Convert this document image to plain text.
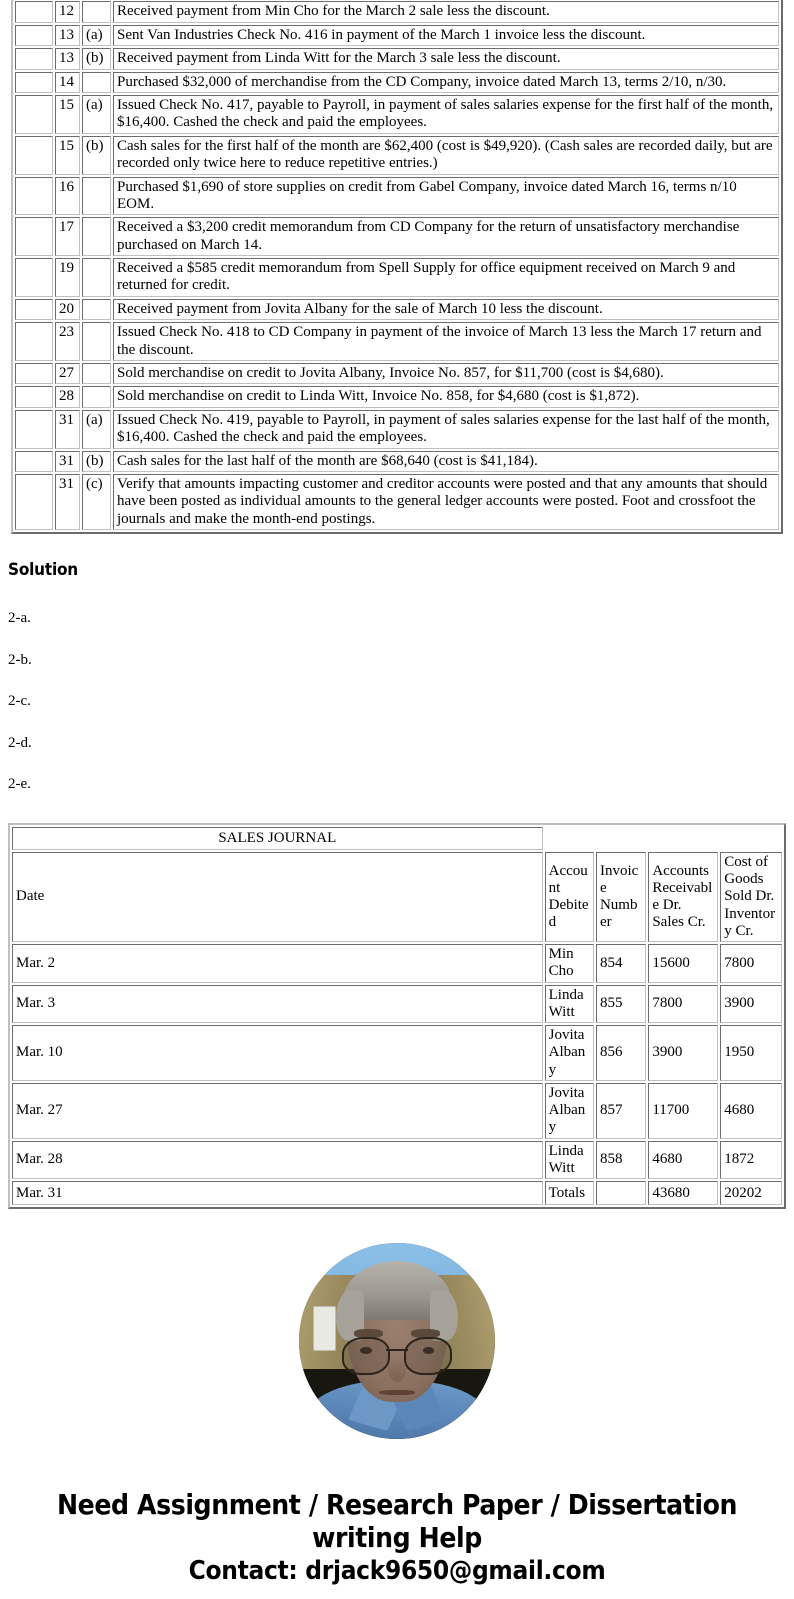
	12		Received payment from Min Cho for the March 2 sale less the discount.
	13	(a)	Sent Van Industries Check No. 416 in payment of the March 1 invoice less the discount.
	13	(b)	Received payment from Linda Witt for the March 3 sale less the discount.
	14		Purchased $32,000 of merchandise from the CD Company, invoice dated March 13, terms 2/10, n/30.
	15	(a)	Issued Check No. 417, payable to Payroll, in payment of sales salaries expense for the first half of the month, $16,400. Cashed the check and paid the employees.
	15	(b)	Cash sales for the first half of the month are $62,400 (cost is $49,920). (Cash sales are recorded daily, but are recorded only twice here to reduce repetitive entries.)
	16		Purchased $1,690 of store supplies on credit from Gabel Company, invoice dated March 16, terms n/10 EOM.
	17		Received a $3,200 credit memorandum from CD Company for the return of unsatisfactory merchandise purchased on March 14.
	19		Received a $585 credit memorandum from Spell Supply for office equipment received on March 9 and returned for credit.
	20		Received payment from Jovita Albany for the sale of March 10 less the discount.
	23		Issued Check No. 418 to CD Company in payment of the invoice of March 13 less the March 17 return and the discount.
	27		Sold merchandise on credit to Jovita Albany, Invoice No. 857, for $11,700 (cost is $4,680).
	28		Sold merchandise on credit to Linda Witt, Invoice No. 858, for $4,680 (cost is $1,872).
	31	(a)	Issued Check No. 419, payable to Payroll, in payment of sales salaries expense for the last half of the month, $16,400. Cashed the check and paid the employees.
	31	(b)	Cash sales for the last half of the month are $68,640 (cost is $41,184).
	31	(c)	Verify that amounts impacting customer and creditor accounts were posted and that any amounts that should have been posted as individual amounts to the general ledger accounts were posted. Foot and crossfoot the journals and make the month-end postings.
Solution
2-a.
2-b.
2-c.
2-d.
2-e.
SALES JOURNAL				
Date	Account Debited	Invoice Number	Accounts Receivable Dr. Sales Cr.	Cost of Goods Sold Dr. Inventory Cr.
Mar. 2	Min Cho	854	15600	7800
Mar. 3	Linda Witt	855	7800	3900
Mar. 10	Jovita Albany	856	3900	1950
Mar. 27	Jovita Albany	857	11700	4680
Mar. 28	Linda Witt	858	4680	1872
Mar. 31	Totals		43680	20202
Need Assignment / Research Paper / Dissertation writing Help
Contact: drjack9650@gmail.com
